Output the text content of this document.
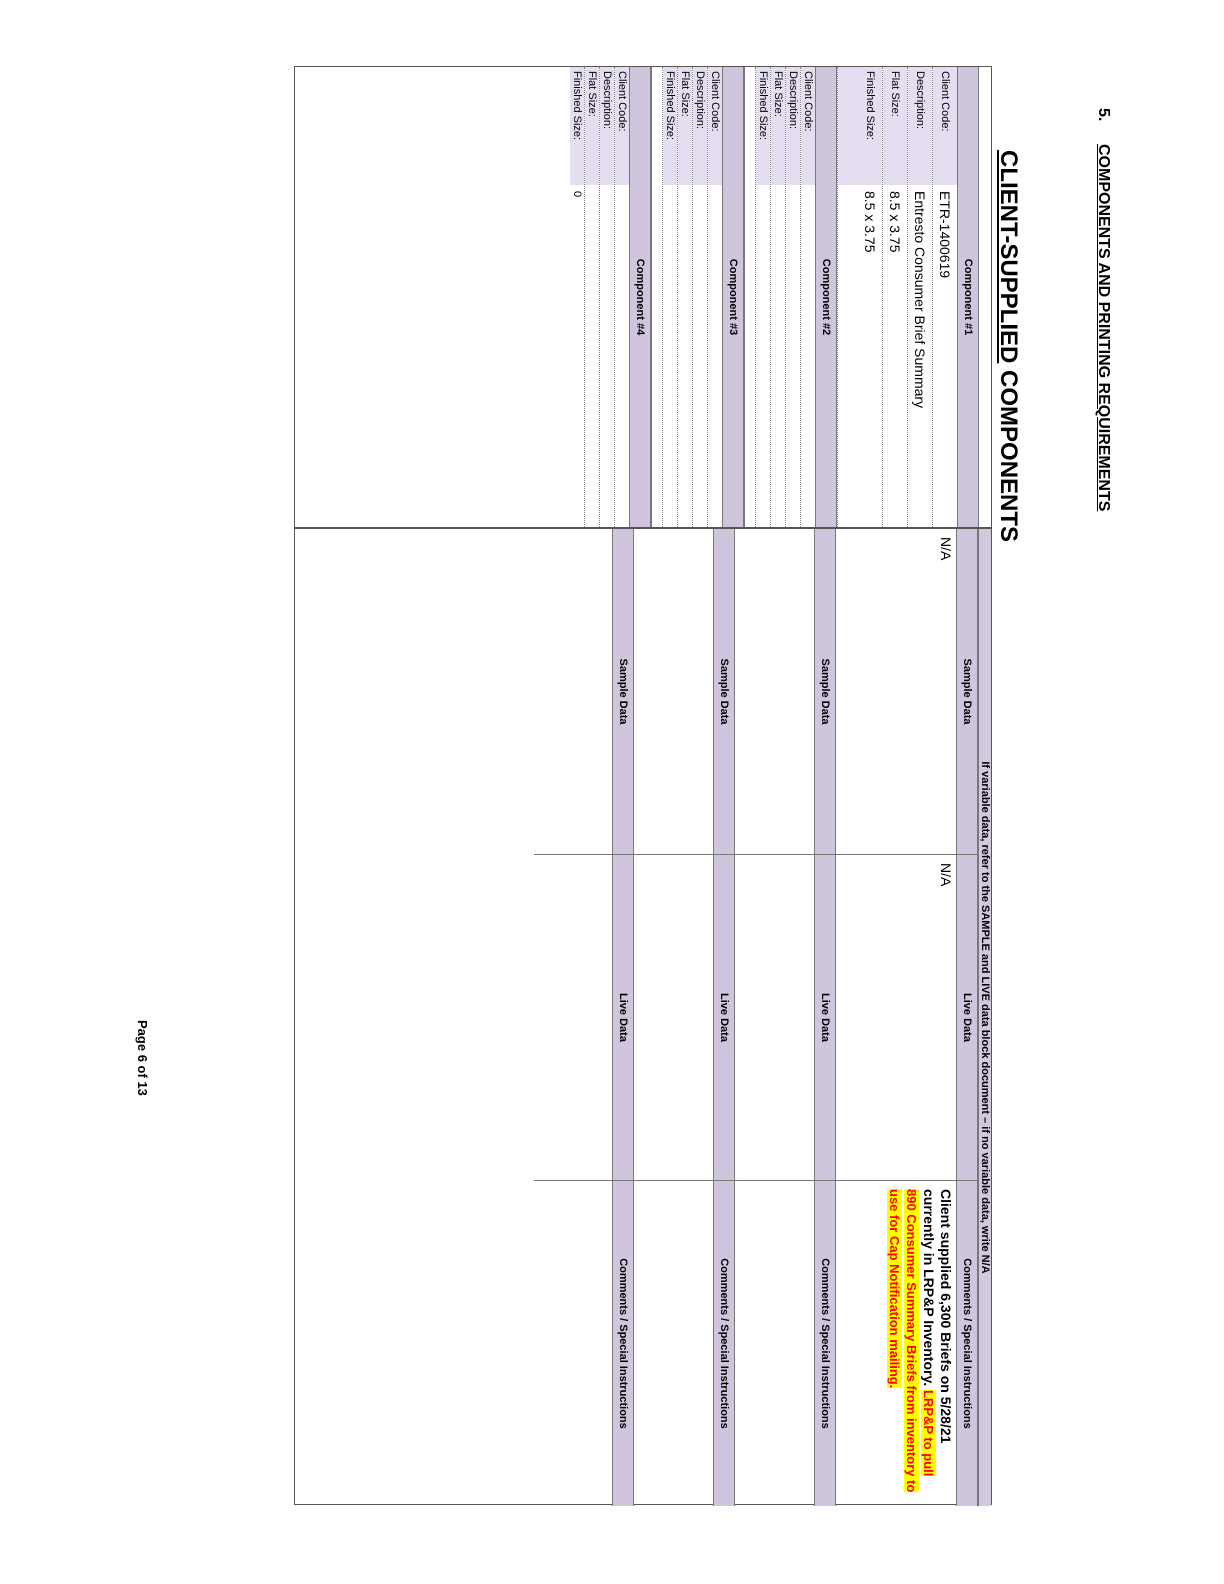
5.COMPONENTS AND PRINTING REQUIREMENTS
CLIENT-SUPPLIED COMPONENTS
Component #1
Client Code:
ETR-1400619
Description:
Entresto Consumer Brief Summary
Flat Size:
8.5 x 3.75
Finished Size:
8.5 x 3.75
Component #2
Client Code:
Description:
Flat Size:
Finished Size:
Component #3
Client Code:
Description:
Flat Size:
Finished Size:
Component #4
Client Code:
Description:
Flat Size:
Finished Size:
0
If variable data, refer to the SAMPLE and LIVE data block document – if no variable data, write N/A
Sample Data
Live Data
Comments / Special Instructions
N/A
N/A
Client supplied 6,300 Briefs on 5/28/21 currently in LRP&P Inventory. LRP&P to pull 890 Consumer Summary Briefs from inventory to use for Cap Notification mailing.
Sample Data
Live Data
Comments / Special Instructions
Sample Data
Live Data
Comments / Special Instructions
Sample Data
Live Data
Comments / Special Instructions
Page 6 of 13
